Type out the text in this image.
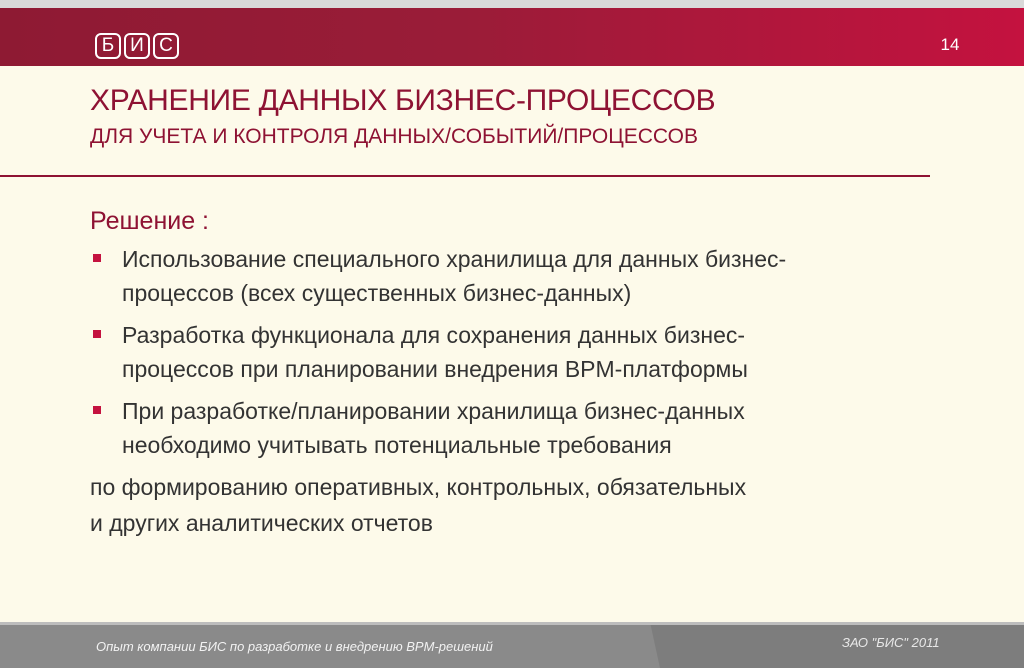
Б И С	14
ХРАНЕНИЕ ДАННЫХ БИЗНЕС-ПРОЦЕССОВ
ДЛЯ УЧЕТА И КОНТРОЛЯ ДАННЫХ/СОБЫТИЙ/ПРОЦЕССОВ
Решение :
Использование специального хранилища для данных бизнес-
процессов (всех существенных бизнес-данных)
Разработка функционала для сохранения данных бизнес-
процессов при планировании внедрения BPM-платформы
При разработке/планировании хранилища бизнес-данных
необходимо учитывать потенциальные требования
по формированию оперативных, контрольных, обязательных
и других аналитических отчетов
Опыт компании БИС по разработке и внедрению BPM-решений	ЗАО "БИС" 2011
